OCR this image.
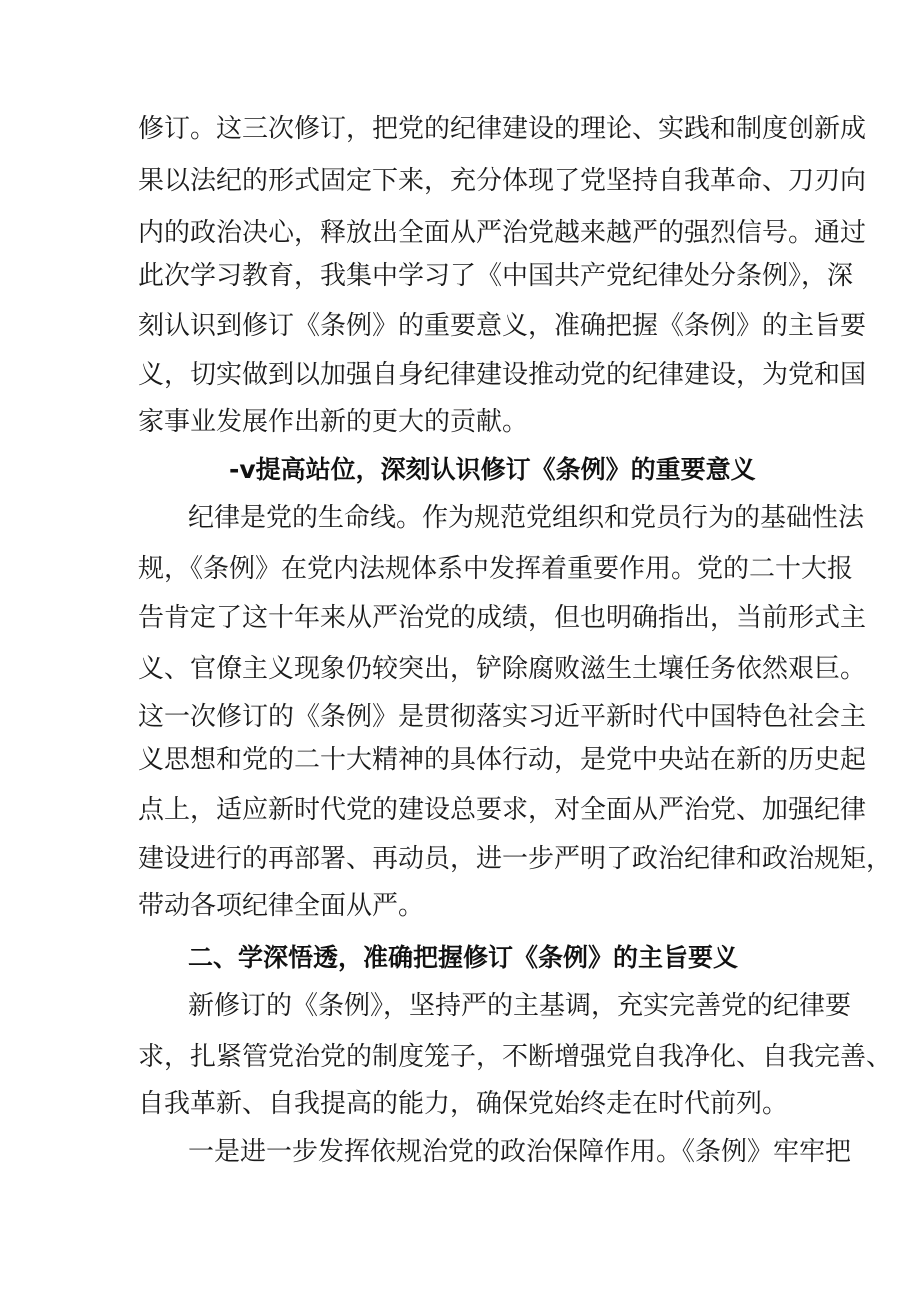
修订。这三次修订，把党的纪律建设的理论、实践和制度创新成
果以法纪的形式固定下来，充分体现了党坚持自我革命、刀刃向
内的政治决心，释放出全面从严治党越来越严的强烈信号。通过
此次学习教育，我集中学习了《中国共产党纪律处分条例》，深
刻认识到修订《条例》的重要意义，准确把握《条例》的主旨要
义，切实做到以加强自身纪律建设推动党的纪律建设，为党和国
家事业发展作出新的更大的贡献。
-v提高站位，深刻认识修订《条例》的重要意义
纪律是党的生命线。作为规范党组织和党员行为的基础性法
规，《条例》在党内法规体系中发挥着重要作用。党的二十大报
告肯定了这十年来从严治党的成绩，但也明确指出，当前形式主
义、官僚主义现象仍较突出，铲除腐败滋生土壤任务依然艰巨。
这一次修订的《条例》是贯彻落实习近平新时代中国特色社会主
义思想和党的二十大精神的具体行动，是党中央站在新的历史起
点上，适应新时代党的建设总要求，对全面从严治党、加强纪律
建设进行的再部署、再动员，进一步严明了政治纪律和政治规矩，
带动各项纪律全面从严。
二、学深悟透，准确把握修订《条例》的主旨要义
新修订的《条例》，坚持严的主基调，充实完善党的纪律要
求，扎紧管党治党的制度笼子，不断增强党自我净化、自我完善、
自我革新、自我提高的能力，确保党始终走在时代前列。
一是进一步发挥依规治党的政治保障作用。《条例》牢牢把
